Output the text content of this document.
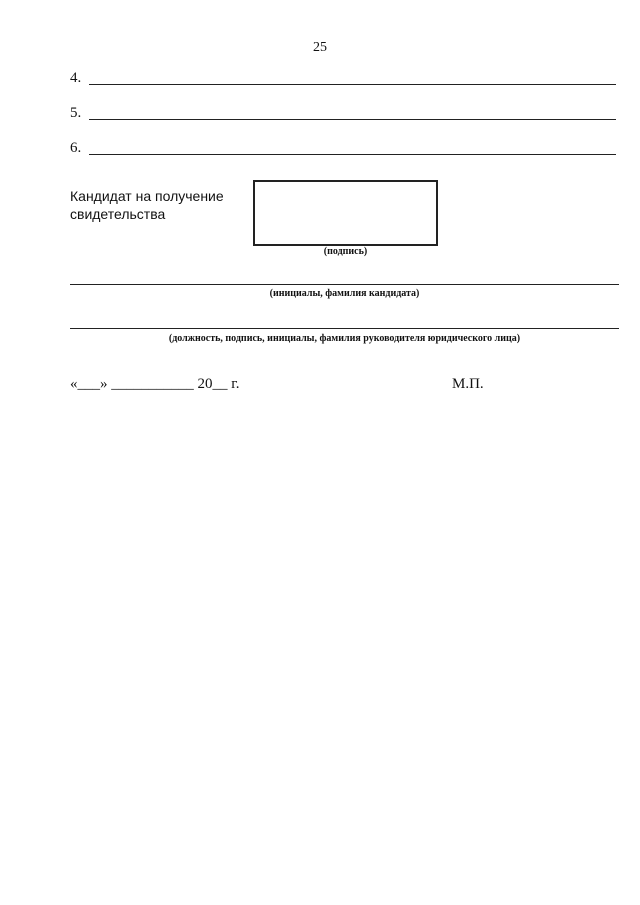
25
4.
5.
6.
Кандидат на получение свидетельства
(подпись)
(инициалы, фамилия кандидата)
(должность, подпись, инициалы, фамилия руководителя юридического лица)
«___» ___________ 20__ г.	М.П.
